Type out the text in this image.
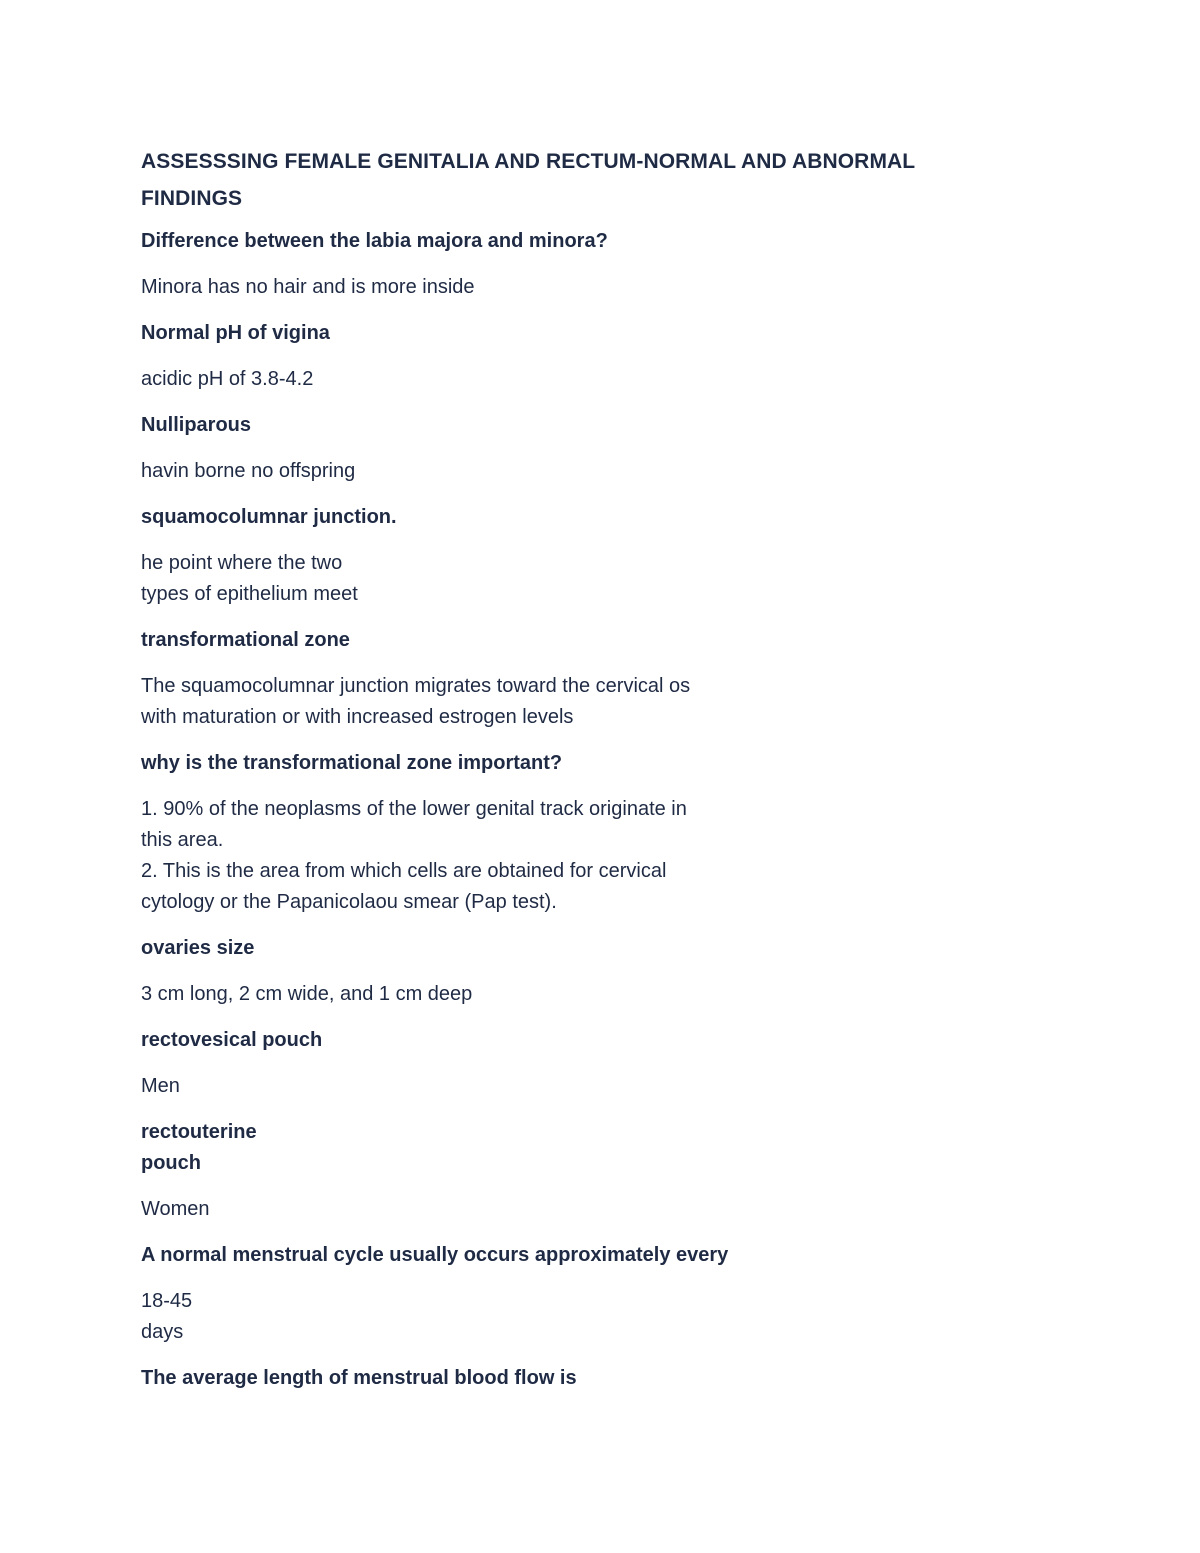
ASSESSSING FEMALE GENITALIA AND RECTUM-NORMAL AND ABNORMAL
FINDINGS
Difference between the labia majora and minora?
Minora has no hair and is more inside
Normal pH of vigina
acidic pH of 3.8-4.2
Nulliparous
havin borne no offspring
squamocolumnar junction.
he point where the two
types of epithelium meet
transformational zone
The squamocolumnar junction migrates toward the cervical os
with maturation or with increased estrogen levels
why is the transformational zone important?
1. 90% of the neoplasms of the lower genital track originate in
this area.
2. This is the area from which cells are obtained for cervical
cytology or the Papanicolaou smear (Pap test).
ovaries size
3 cm long, 2 cm wide, and 1 cm deep
rectovesical pouch
Men
rectouterine
pouch
Women
A normal menstrual cycle usually occurs approximately every
18-45
days
The average length of menstrual blood flow is
